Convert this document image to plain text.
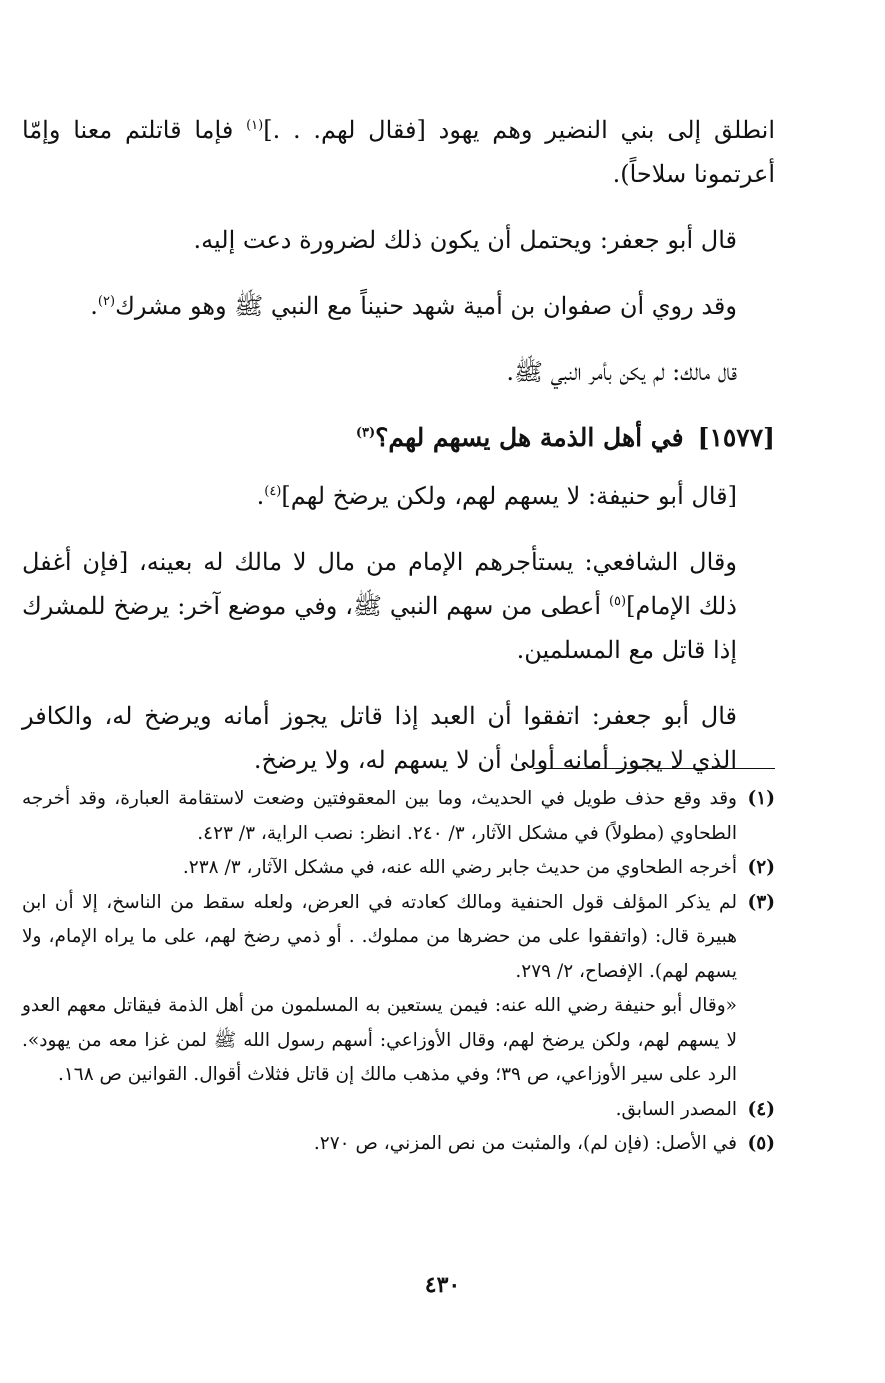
انطلق إلى بني النضير وهم يهود [فقال لهم. . .]$^{(١)}$ فإما قاتلتم معنا وإمّا أعرتمونا سلاحاً).

قال أبو جعفر: ويحتمل أن يكون ذلك لضرورة دعت إليه.

وقد روي أن صفوان بن أمية شهد حنيناً مع النبي ﷺ وهو مشرك$^{(٢)}$.

قال مالك: لم يكن بأمر النبي ﷺ.

[١٥٧٧]في أهل الذمة هل يسهم لهم؟$^{(٣)}$

[قال أبو حنيفة: لا يسهم لهم، ولكن يرضخ لهم]$^{(٤)}$.

وقال الشافعي: يستأجرهم الإمام من مال لا مالك له بعينه، [فإن أغفل ذلك الإمام]$^{(٥)}$ أعطى من سهم النبي ﷺ، وفي موضع آخر: يرضخ للمشرك إذا قاتل مع المسلمين.

قال أبو جعفر: اتفقوا أن العبد إذا قاتل يجوز أمانه ويرضخ له، والكافر الذي لا يجوز أمانه أولىٰ أن لا يسهم له، ولا يرضخ.

(١)
وقد وقع حذف طويل في الحديث، وما بين المعقوفتين وضعت لاستقامة العبارة، وقد أخرجه الطحاوي (مطولاً) في مشكل الآثار، ٣/ ٢٤٠. انظر: نصب الراية، ٣/ ٤٢٣.
(٢)
أخرجه الطحاوي من حديث جابر رضي الله عنه، في مشكل الآثار، ٣/ ٢٣٨.
(٣)
لم يذكر المؤلف قول الحنفية ومالك كعادته في العرض، ولعله سقط من الناسخ، إلا أن ابن هبيرة قال: (واتفقوا على من حضرها من مملوك. . أو ذمي رضخ لهم، على ما يراه الإمام، ولا يسهم لهم). الإفصاح، ٢/ ٢٧٩.
«وقال أبو حنيفة رضي الله عنه: فيمن يستعين به المسلمون من أهل الذمة فيقاتل معهم العدو لا يسهم لهم، ولكن يرضخ لهم، وقال الأوزاعي: أسهم رسول الله ﷺ لمن غزا معه من يهود». الرد على سير الأوزاعي، ص ٣٩؛ وفي مذهب مالك إن قاتل فثلاث أقوال. القوانين ص ١٦٨.
(٤)
المصدر السابق.
(٥)
في الأصل: (فإن لم)، والمثبت من نص المزني، ص ٢٧٠.
٤٣٠
